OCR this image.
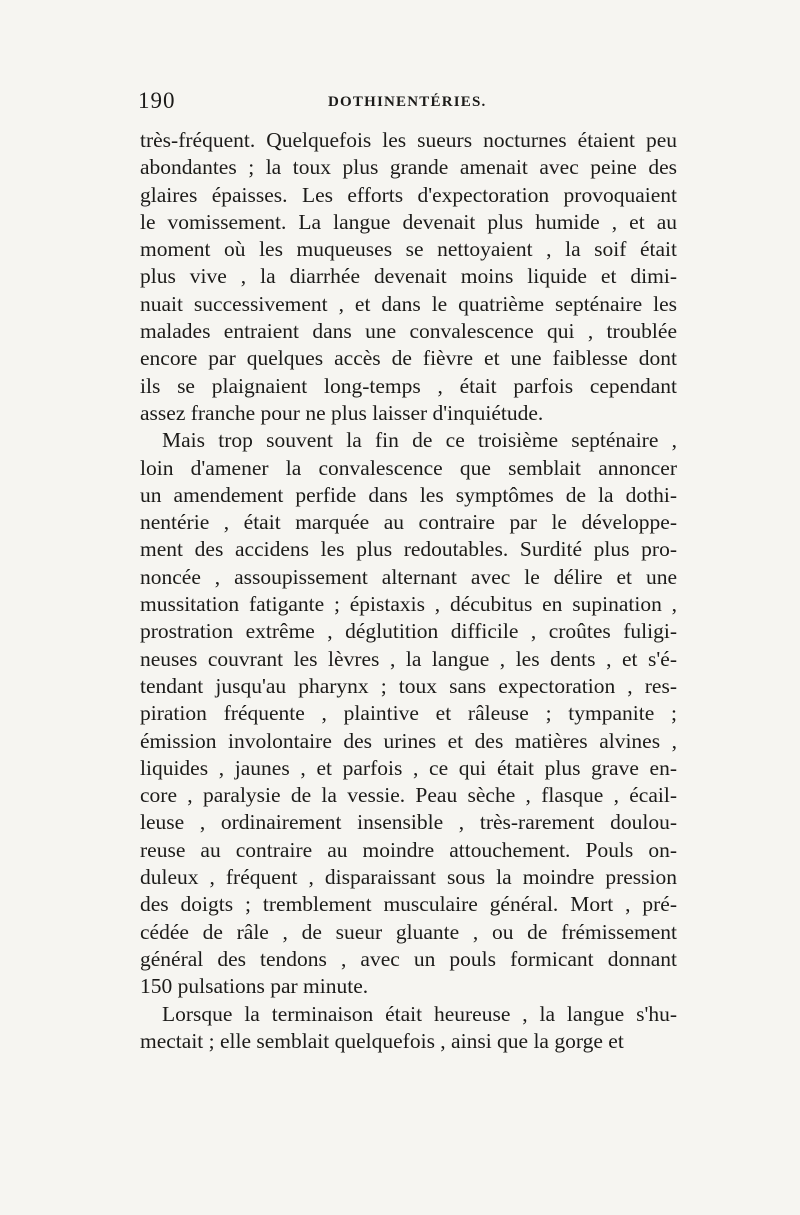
190	DOTHINENTÉRIES.
très-fréquent. Quelquefois les sueurs nocturnes étaient peu
abondantes ; la toux plus grande amenait avec peine des
glaires épaisses. Les efforts d'expectoration provoquaient
le vomissement. La langue devenait plus humide , et au
moment où les muqueuses se nettoyaient , la soif était
plus vive , la diarrhée devenait moins liquide et dimi-
nuait successivement , et dans le quatrième septénaire les
malades entraient dans une convalescence qui , troublée
encore par quelques accès de fièvre et une faiblesse dont
ils se plaignaient long-temps , était parfois cependant
assez franche pour ne plus laisser d'inquiétude.
Mais trop souvent la fin de ce troisième septénaire ,
loin d'amener la convalescence que semblait annoncer
un amendement perfide dans les symptômes de la dothi-
nentérie , était marquée au contraire par le développe-
ment des accidens les plus redoutables. Surdité plus pro-
noncée , assoupissement alternant avec le délire et une
mussitation fatigante ; épistaxis , décubitus en supination ,
prostration extrême , déglutition difficile , croûtes fuligi-
neuses couvrant les lèvres , la langue , les dents , et s'é-
tendant jusqu'au pharynx ; toux sans expectoration , res-
piration fréquente , plaintive et râleuse ; tympanite ;
émission involontaire des urines et des matières alvines ,
liquides , jaunes , et parfois , ce qui était plus grave en-
core , paralysie de la vessie. Peau sèche , flasque , écail-
leuse , ordinairement insensible , très-rarement doulou-
reuse au contraire au moindre attouchement. Pouls on-
duleux , fréquent , disparaissant sous la moindre pression
des doigts ; tremblement musculaire général. Mort , pré-
cédée de râle , de sueur gluante , ou de frémissement
général des tendons , avec un pouls formicant donnant
150 pulsations par minute.
Lorsque la terminaison était heureuse , la langue s'hu-
mectait ; elle semblait quelquefois , ainsi que la gorge et
